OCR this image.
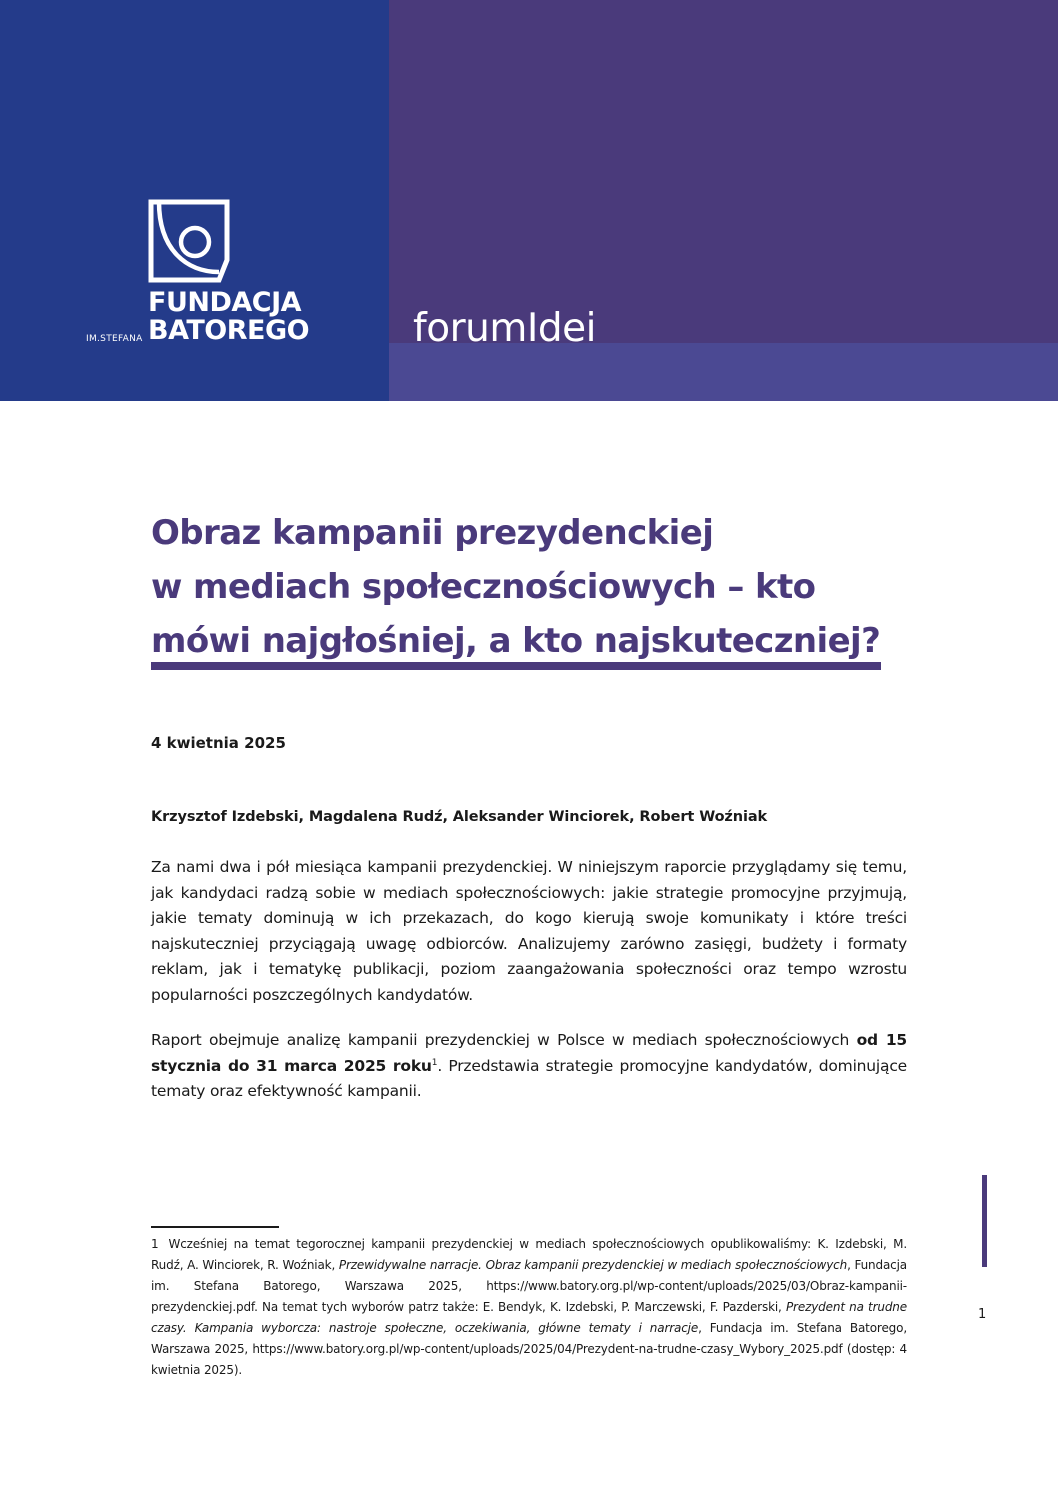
FUNDACJA
BATOREGO
IM.STEFANA	forumIdei
Obraz kampanii prezydenckiej
w mediach społecznościowych – kto
mówi najgłośniej, a kto najskuteczniej?
4 kwietnia 2025
Krzysztof Izdebski, Magdalena Rudź, Aleksander Winciorek, Robert Woźniak

Za nami dwa i pół miesiąca kampanii prezydenckiej. W niniejszym raporcie przyglądamy się temu, jak kandydaci radzą sobie w mediach społecznościowych: jakie strategie promocyjne przyjmują, jakie tematy dominują w ich przekazach, do kogo kierują swoje komunikaty i które treści najskuteczniej przyciągają uwagę odbiorców. Analizujemy zarówno zasięgi, budżety i formaty reklam, jak i tematykę publikacji, poziom zaangażowania społeczności oraz tempo wzrostu popularności poszczególnych kandydatów.

Raport obejmuje analizę kampanii prezydenckiej w Polsce w mediach społecznościowych od 15 stycznia do 31 marca 2025 roku$^1$. Przedstawia strategie promocyjne kandydatów, dominujące tematy oraz efektywność kampanii.

1 Wcześniej na temat tegorocznej kampanii prezydenckiej w mediach społecznościowych opublikowaliśmy: K. Izdebski, M. Rudź, A. Winciorek, R. Woźniak, Przewidywalne narracje. Obraz kampanii prezydenckiej w mediach społecznościowych, Fundacja im. Stefana Batorego, Warszawa 2025, https://www.batory.org.pl/wp-content/uploads/2025/03/Obraz-kampanii-prezydenckiej.pdf. Na temat tych wyborów patrz także: E. Bendyk, K. Izdebski, P. Marczewski, F. Pazderski, Prezydent na trudne czasy. Kampania wyborcza: nastroje społeczne, oczekiwania, główne tematy i narracje, Fundacja im. Stefana Batorego, Warszawa 2025, https://www.batory.org.pl/wp-content/uploads/2025/04/Prezydent-na-trudne-czasy_Wybory_2025.pdf (dostęp: 4 kwietnia 2025).

1
